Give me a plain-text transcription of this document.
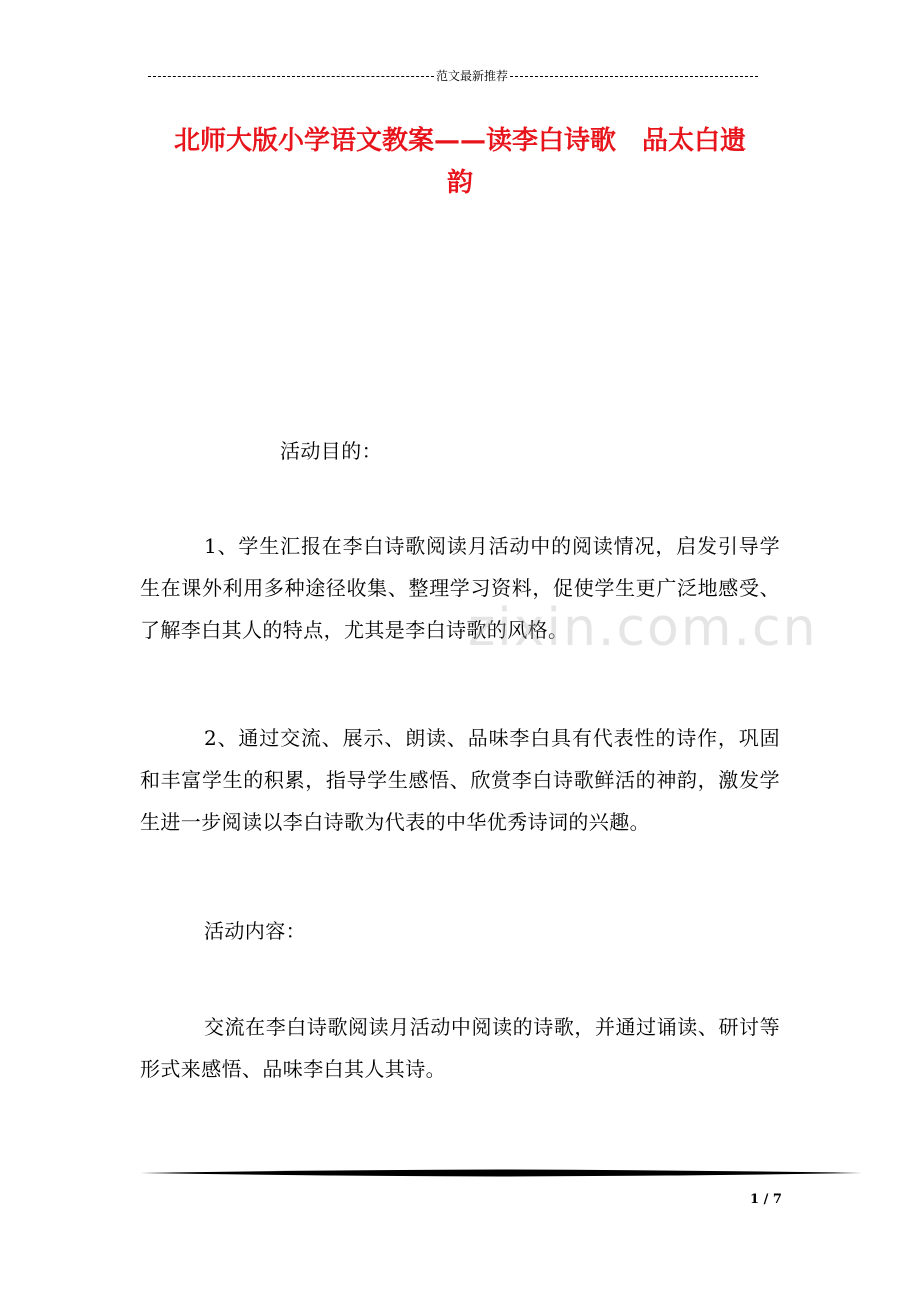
范文最新推荐
北师大版小学语文教案——读李白诗歌　品太白遗
韵
活动目的：
1、学生汇报在李白诗歌阅读月活动中的阅读情况，启发引导学生在课外利用多种途径收集、整理学习资料，促使学生更广泛地感受、了解李白其人的特点，尤其是李白诗歌的风格。
2、通过交流、展示、朗读、品味李白具有代表性的诗作，巩固和丰富学生的积累，指导学生感悟、欣赏李白诗歌鲜活的神韵，激发学生进一步阅读以李白诗歌为代表的中华优秀诗词的兴趣。
活动内容：
交流在李白诗歌阅读月活动中阅读的诗歌，并通过诵读、研讨等形式来感悟、品味李白其人其诗。
zixin.com.cn
1 / 7
